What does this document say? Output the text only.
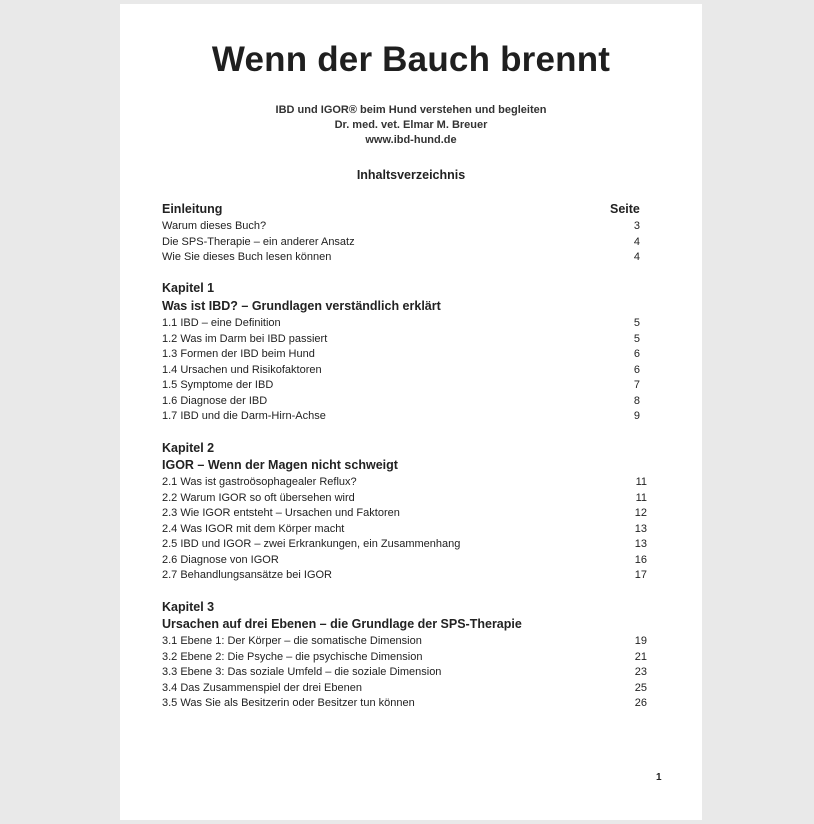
Wenn der Bauch brennt
IBD und IGOR® beim Hund verstehen und begleiten
Dr. med. vet. Elmar M. Breuer
www.ibd-hund.de
Inhaltsverzeichnis
Einleitung	Seite
Warum dieses Buch?	3
Die SPS-Therapie – ein anderer Ansatz	4
Wie Sie dieses Buch lesen können	4
Kapitel 1
Was ist IBD? – Grundlagen verständlich erklärt
1.1 IBD – eine Definition	5
1.2 Was im Darm bei IBD passiert	5
1.3 Formen der IBD beim Hund	6
1.4 Ursachen und Risikofaktoren	6
1.5 Symptome der IBD	7
1.6 Diagnose der IBD	8
1.7 IBD und die Darm-Hirn-Achse	9
Kapitel 2
IGOR – Wenn der Magen nicht schweigt
2.1 Was ist gastroösophagealer Reflux?	11
2.2 Warum IGOR so oft übersehen wird	11
2.3 Wie IGOR entsteht – Ursachen und Faktoren	12
2.4 Was IGOR mit dem Körper macht	13
2.5 IBD und IGOR – zwei Erkrankungen, ein Zusammenhang	13
2.6 Diagnose von IGOR	16
2.7 Behandlungsansätze bei IGOR	17
Kapitel 3
Ursachen auf drei Ebenen – die Grundlage der SPS-Therapie
3.1 Ebene 1: Der Körper – die somatische Dimension	19
3.2 Ebene 2: Die Psyche – die psychische Dimension	21
3.3 Ebene 3: Das soziale Umfeld – die soziale Dimension	23
3.4 Das Zusammenspiel der drei Ebenen	25
3.5 Was Sie als Besitzerin oder Besitzer tun können	26
1
